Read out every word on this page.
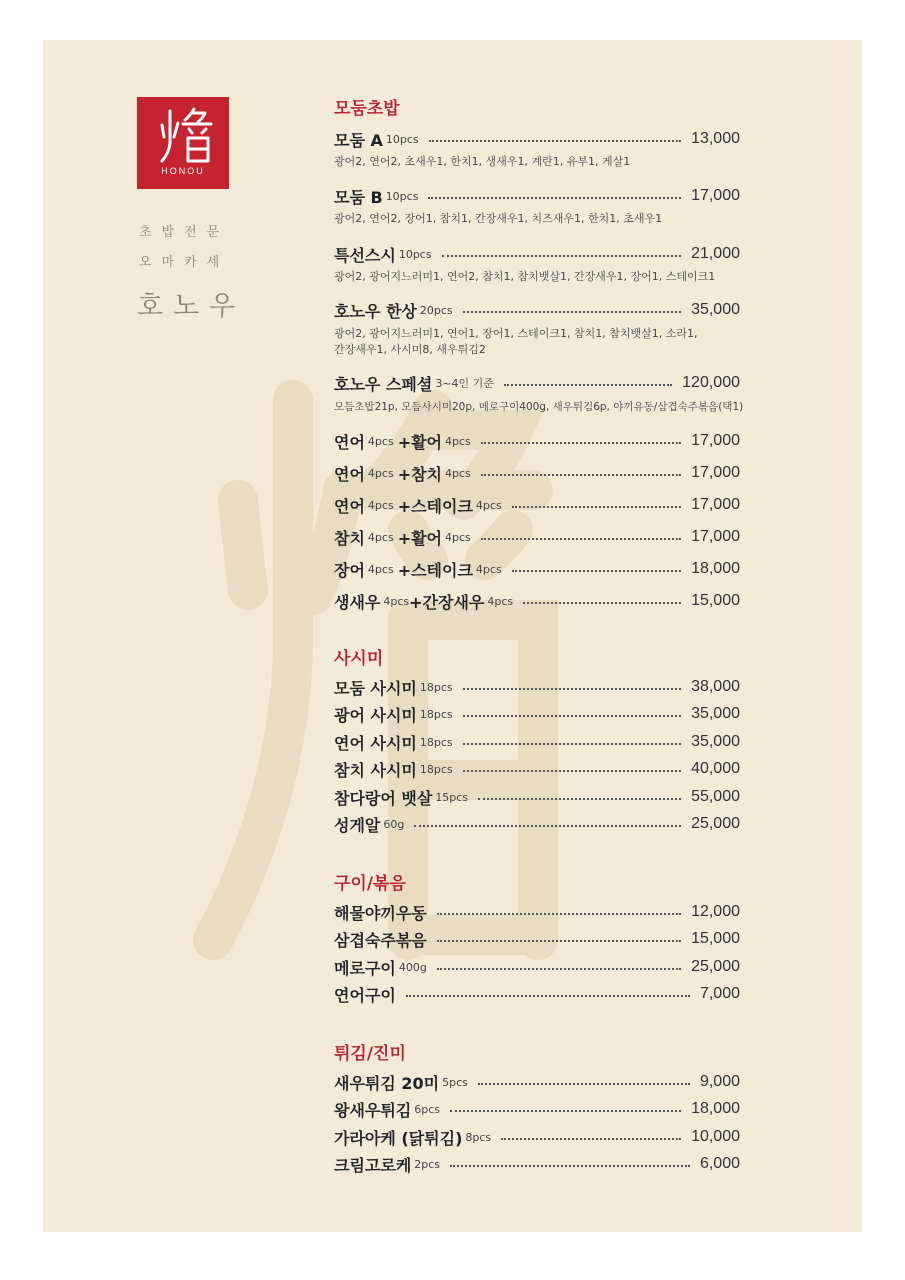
HONOU
초밥전문
오마카세
호노우
모둠초밥
모둠 A 10pcs	13,000
광어2, 연어2, 초새우1, 한치1, 생새우1, 계란1, 유부1, 게살1
모둠 B 10pcs	17,000
광어2, 연어2, 장어1, 참치1, 간장새우1, 치즈새우1, 한치1, 초새우1
특선스시 10pcs	21,000
광어2, 광어지느러미1, 연어2, 참치1, 참치뱃살1, 간장새우1, 장어1, 스테이크1
호노우 한상 20pcs	35,000
광어2, 광어지느러미1, 연어1, 장어1, 스테이크1, 참치1, 참치뱃살1, 소라1,
간장새우1, 사시미8, 새우튀김2
호노우 스페셜 3~4인 기준	120,000
모듬초밥21p, 모듬사시미20p, 메로구이400g, 새우튀김6p, 야끼유동/삼겹숙주볶음(택1)
연어 4pcs +활어 4pcs	17,000
연어 4pcs +참치 4pcs	17,000
연어 4pcs +스테이크 4pcs	17,000
참치 4pcs +활어 4pcs	17,000
장어 4pcs +스테이크 4pcs	18,000
생새우 4pcs +간장새우 4pcs	15,000
사시미
모둠 사시미 18pcs	38,000
광어 사시미 18pcs	35,000
연어 사시미 18pcs	35,000
참치 사시미 18pcs	40,000
참다랑어 뱃살 15pcs	55,000
성게알 60g	25,000
구이/볶음
해물야끼우동	12,000
삼겹숙주볶음	15,000
메로구이 400g	25,000
연어구이	7,000
튀김/진미
새우튀김 20미 5pcs	9,000
왕새우튀김 6pcs	18,000
가라아케 (닭튀김) 8pcs	10,000
크림고로케 2pcs	6,000
